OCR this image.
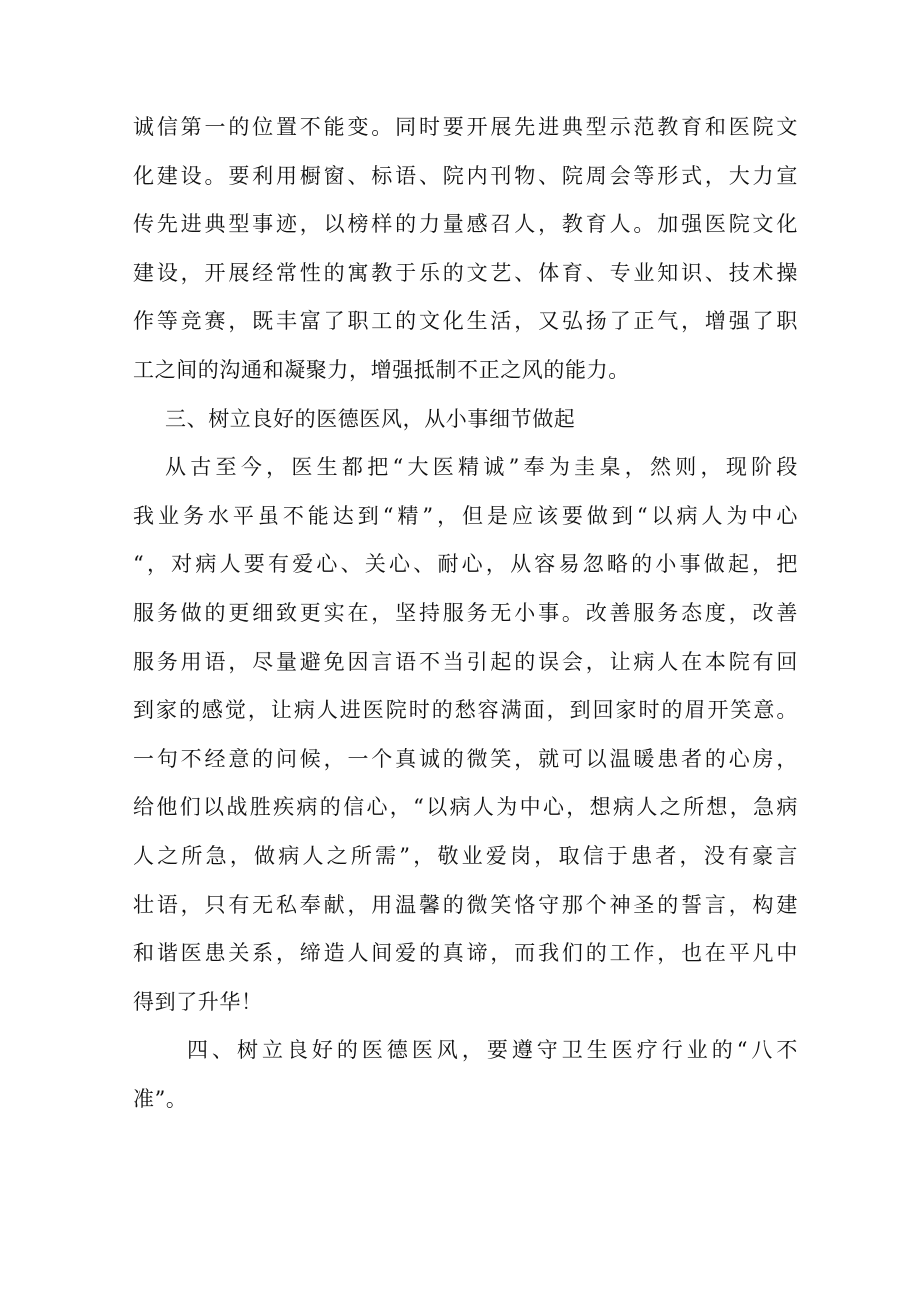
诚信第一的位置不能变。同时要开展先进典型示范教育和医院文
化建设。要利用橱窗、标语、院内刊物、院周会等形式，大力宣
传先进典型事迹，以榜样的力量感召人，教育人。加强医院文化
建设，开展经常性的寓教于乐的文艺、体育、专业知识、技术操
作等竞赛，既丰富了职工的文化生活，又弘扬了正气，增强了职
工之间的沟通和凝聚力，增强抵制不正之风的能力。
三、树立良好的医德医风，从小事细节做起
从古至今，医生都把“大医精诚”奉为圭臬，然则，现阶段
我业务水平虽不能达到“精”，但是应该要做到“以病人为中心
“，对病人要有爱心、关心、耐心，从容易忽略的小事做起，把
服务做的更细致更实在，坚持服务无小事。改善服务态度，改善
服务用语，尽量避免因言语不当引起的误会，让病人在本院有回
到家的感觉，让病人进医院时的愁容满面，到回家时的眉开笑意。
一句不经意的问候，一个真诚的微笑，就可以温暖患者的心房，
给他们以战胜疾病的信心，“以病人为中心，想病人之所想，急病
人之所急，做病人之所需”，敬业爱岗，取信于患者，没有豪言
壮语，只有无私奉献，用温馨的微笑恪守那个神圣的誓言，构建
和谐医患关系，缔造人间爱的真谛，而我们的工作，也在平凡中
得到了升华！
四、树立良好的医德医风，要遵守卫生医疗行业的“八不
准”。
